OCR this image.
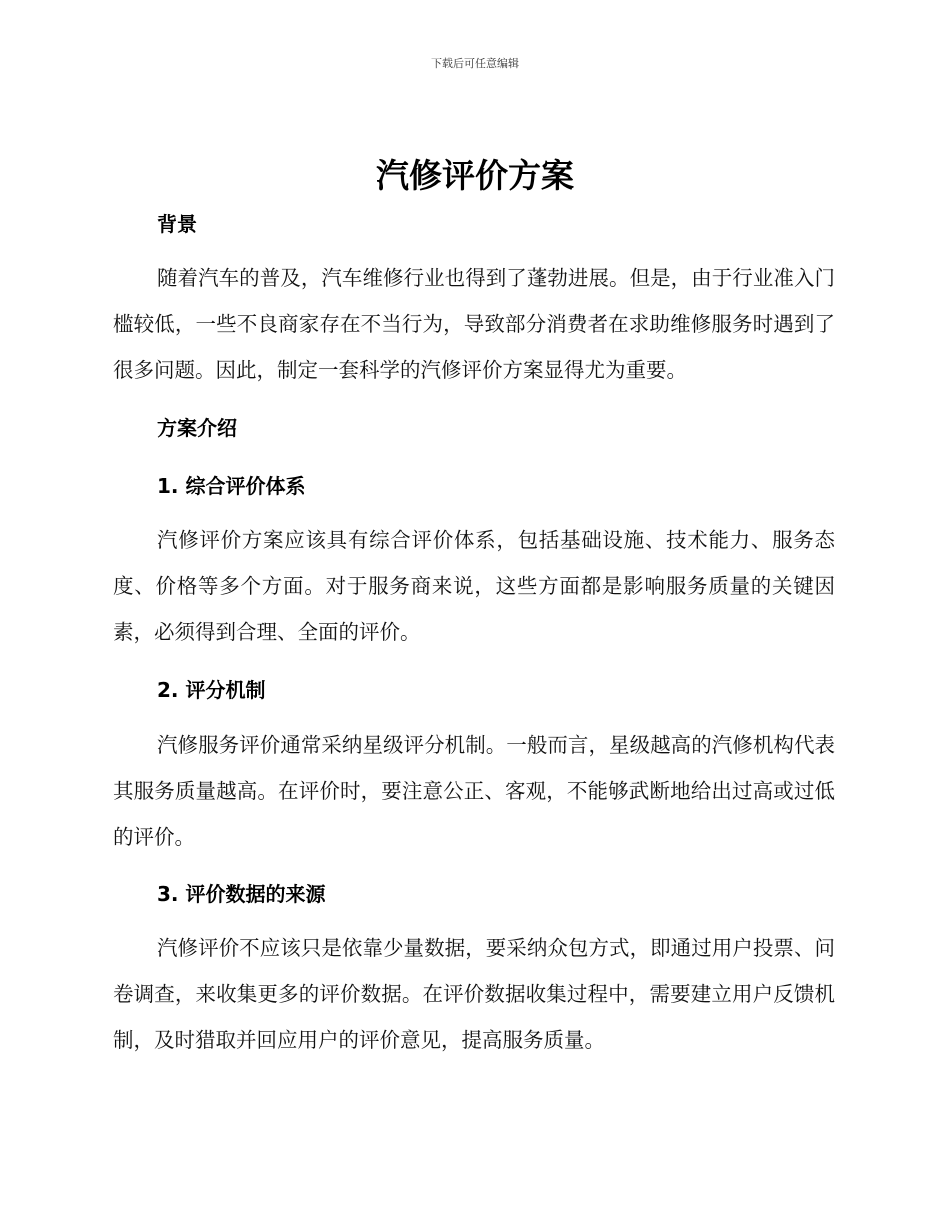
下载后可任意编辑
汽修评价方案
背景

随着汽车的普及，汽车维修行业也得到了蓬勃进展。但是，由于行业准入门槛较低，一些不良商家存在不当行为，导致部分消费者在求助维修服务时遇到了很多问题。因此，制定一套科学的汽修评价方案显得尤为重要。

方案介绍
1. 综合评价体系

汽修评价方案应该具有综合评价体系，包括基础设施、技术能力、服务态度、价格等多个方面。对于服务商来说，这些方面都是影响服务质量的关键因素，必须得到合理、全面的评价。

2. 评分机制

汽修服务评价通常采纳星级评分机制。一般而言，星级越高的汽修机构代表其服务质量越高。在评价时，要注意公正、客观，不能够武断地给出过高或过低的评价。

3. 评价数据的来源

汽修评价不应该只是依靠少量数据，要采纳众包方式，即通过用户投票、问卷调查，来收集更多的评价数据。在评价数据收集过程中，需要建立用户反馈机制，及时猎取并回应用户的评价意见，提高服务质量。
